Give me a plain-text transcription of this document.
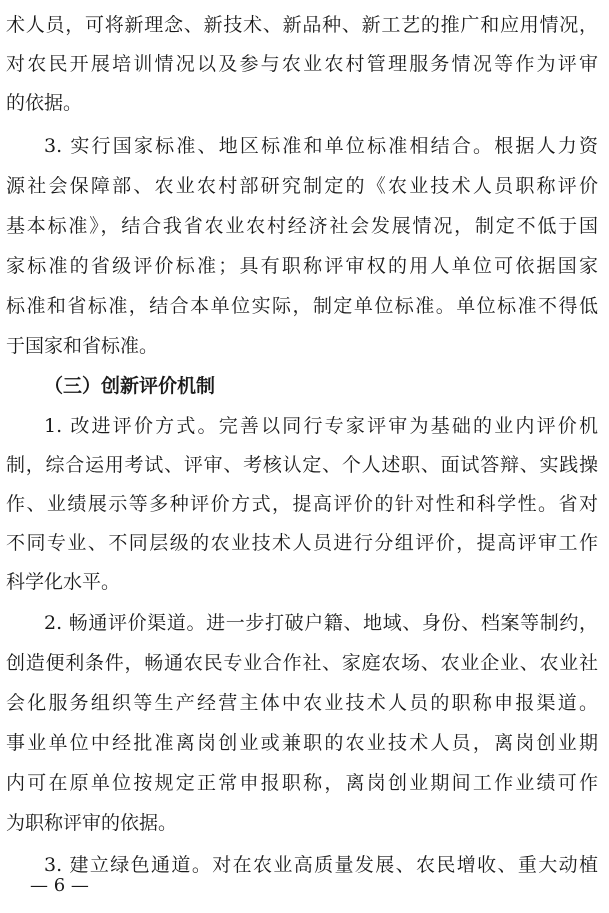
术人员，可将新理念、新技术、新品种、新工艺的推广和应用情况，
对农民开展培训情况以及参与农业农村管理服务情况等作为评审
的依据。
3. 实行国家标准、地区标准和单位标准相结合。根据人力资
源社会保障部、农业农村部研究制定的《农业技术人员职称评价
基本标准》，结合我省农业农村经济社会发展情况，制定不低于国
家标准的省级评价标准；具有职称评审权的用人单位可依据国家
标准和省标准，结合本单位实际，制定单位标准。单位标准不得低
于国家和省标准。
（三）创新评价机制
1. 改进评价方式。完善以同行专家评审为基础的业内评价机
制，综合运用考试、评审、考核认定、个人述职、面试答辩、实践操
作、业绩展示等多种评价方式，提高评价的针对性和科学性。省对
不同专业、不同层级的农业技术人员进行分组评价，提高评审工作
科学化水平。
2. 畅通评价渠道。进一步打破户籍、地域、身份、档案等制约，
创造便利条件，畅通农民专业合作社、家庭农场、农业企业、农业社
会化服务组织等生产经营主体中农业技术人员的职称申报渠道。
事业单位中经批准离岗创业或兼职的农业技术人员，离岗创业期
内可在原单位按规定正常申报职称，离岗创业期间工作业绩可作
为职称评审的依据。
3. 建立绿色通道。对在农业高质量发展、农民增收、重大动植
— 6 —
